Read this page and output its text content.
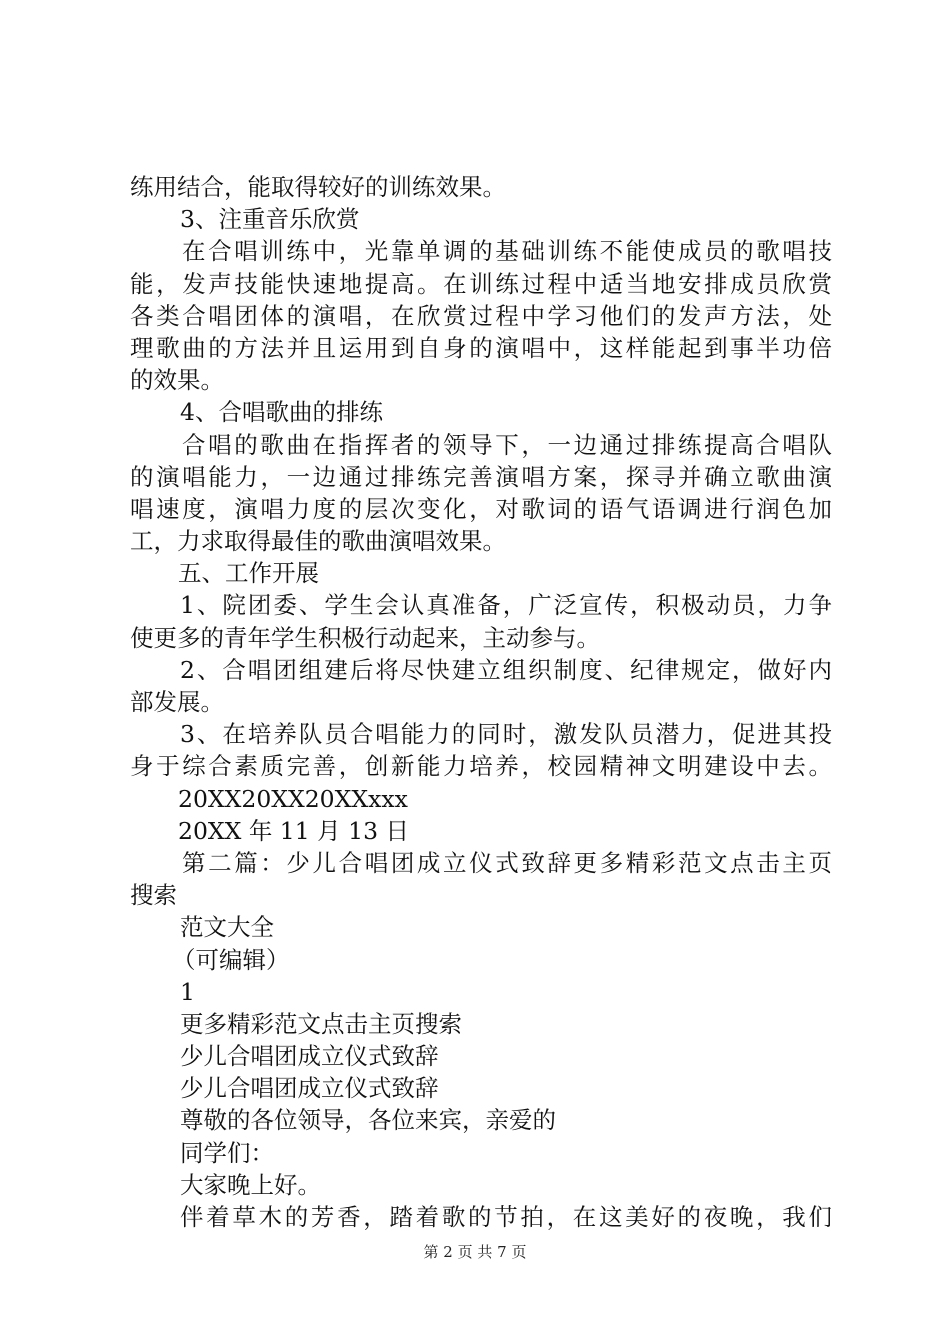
练用结合，能取得较好的训练效果。
3、注重音乐欣赏
在合唱训练中，光靠单调的基础训练不能使成员的歌唱技
能，发声技能快速地提高。在训练过程中适当地安排成员欣赏
各类合唱团体的演唱，在欣赏过程中学习他们的发声方法，处
理歌曲的方法并且运用到自身的演唱中，这样能起到事半功倍
的效果。
4、合唱歌曲的排练
合唱的歌曲在指挥者的领导下，一边通过排练提高合唱队
的演唱能力，一边通过排练完善演唱方案，探寻并确立歌曲演
唱速度，演唱力度的层次变化，对歌词的语气语调进行润色加
工，力求取得最佳的歌曲演唱效果。
五、工作开展
1、院团委、学生会认真准备，广泛宣传，积极动员，力争
使更多的青年学生积极行动起来，主动参与。
2、合唱团组建后将尽快建立组织制度、纪律规定，做好内
部发展。
3、在培养队员合唱能力的同时，激发队员潜力，促进其投
身于综合素质完善，创新能力培养，校园精神文明建设中去。
20XX20XX20XXxxx
20XX 年 11 月 13 日
第二篇：少儿合唱团成立仪式致辞更多精彩范文点击主页
搜索
范文大全
（可编辑）
1
更多精彩范文点击主页搜索
少儿合唱团成立仪式致辞
少儿合唱团成立仪式致辞
尊敬的各位领导，各位来宾，亲爱的
同学们：
大家晚上好。
伴着草木的芳香，踏着歌的节拍，在这美好的夜晚，我们
第 2 页 共 7 页
